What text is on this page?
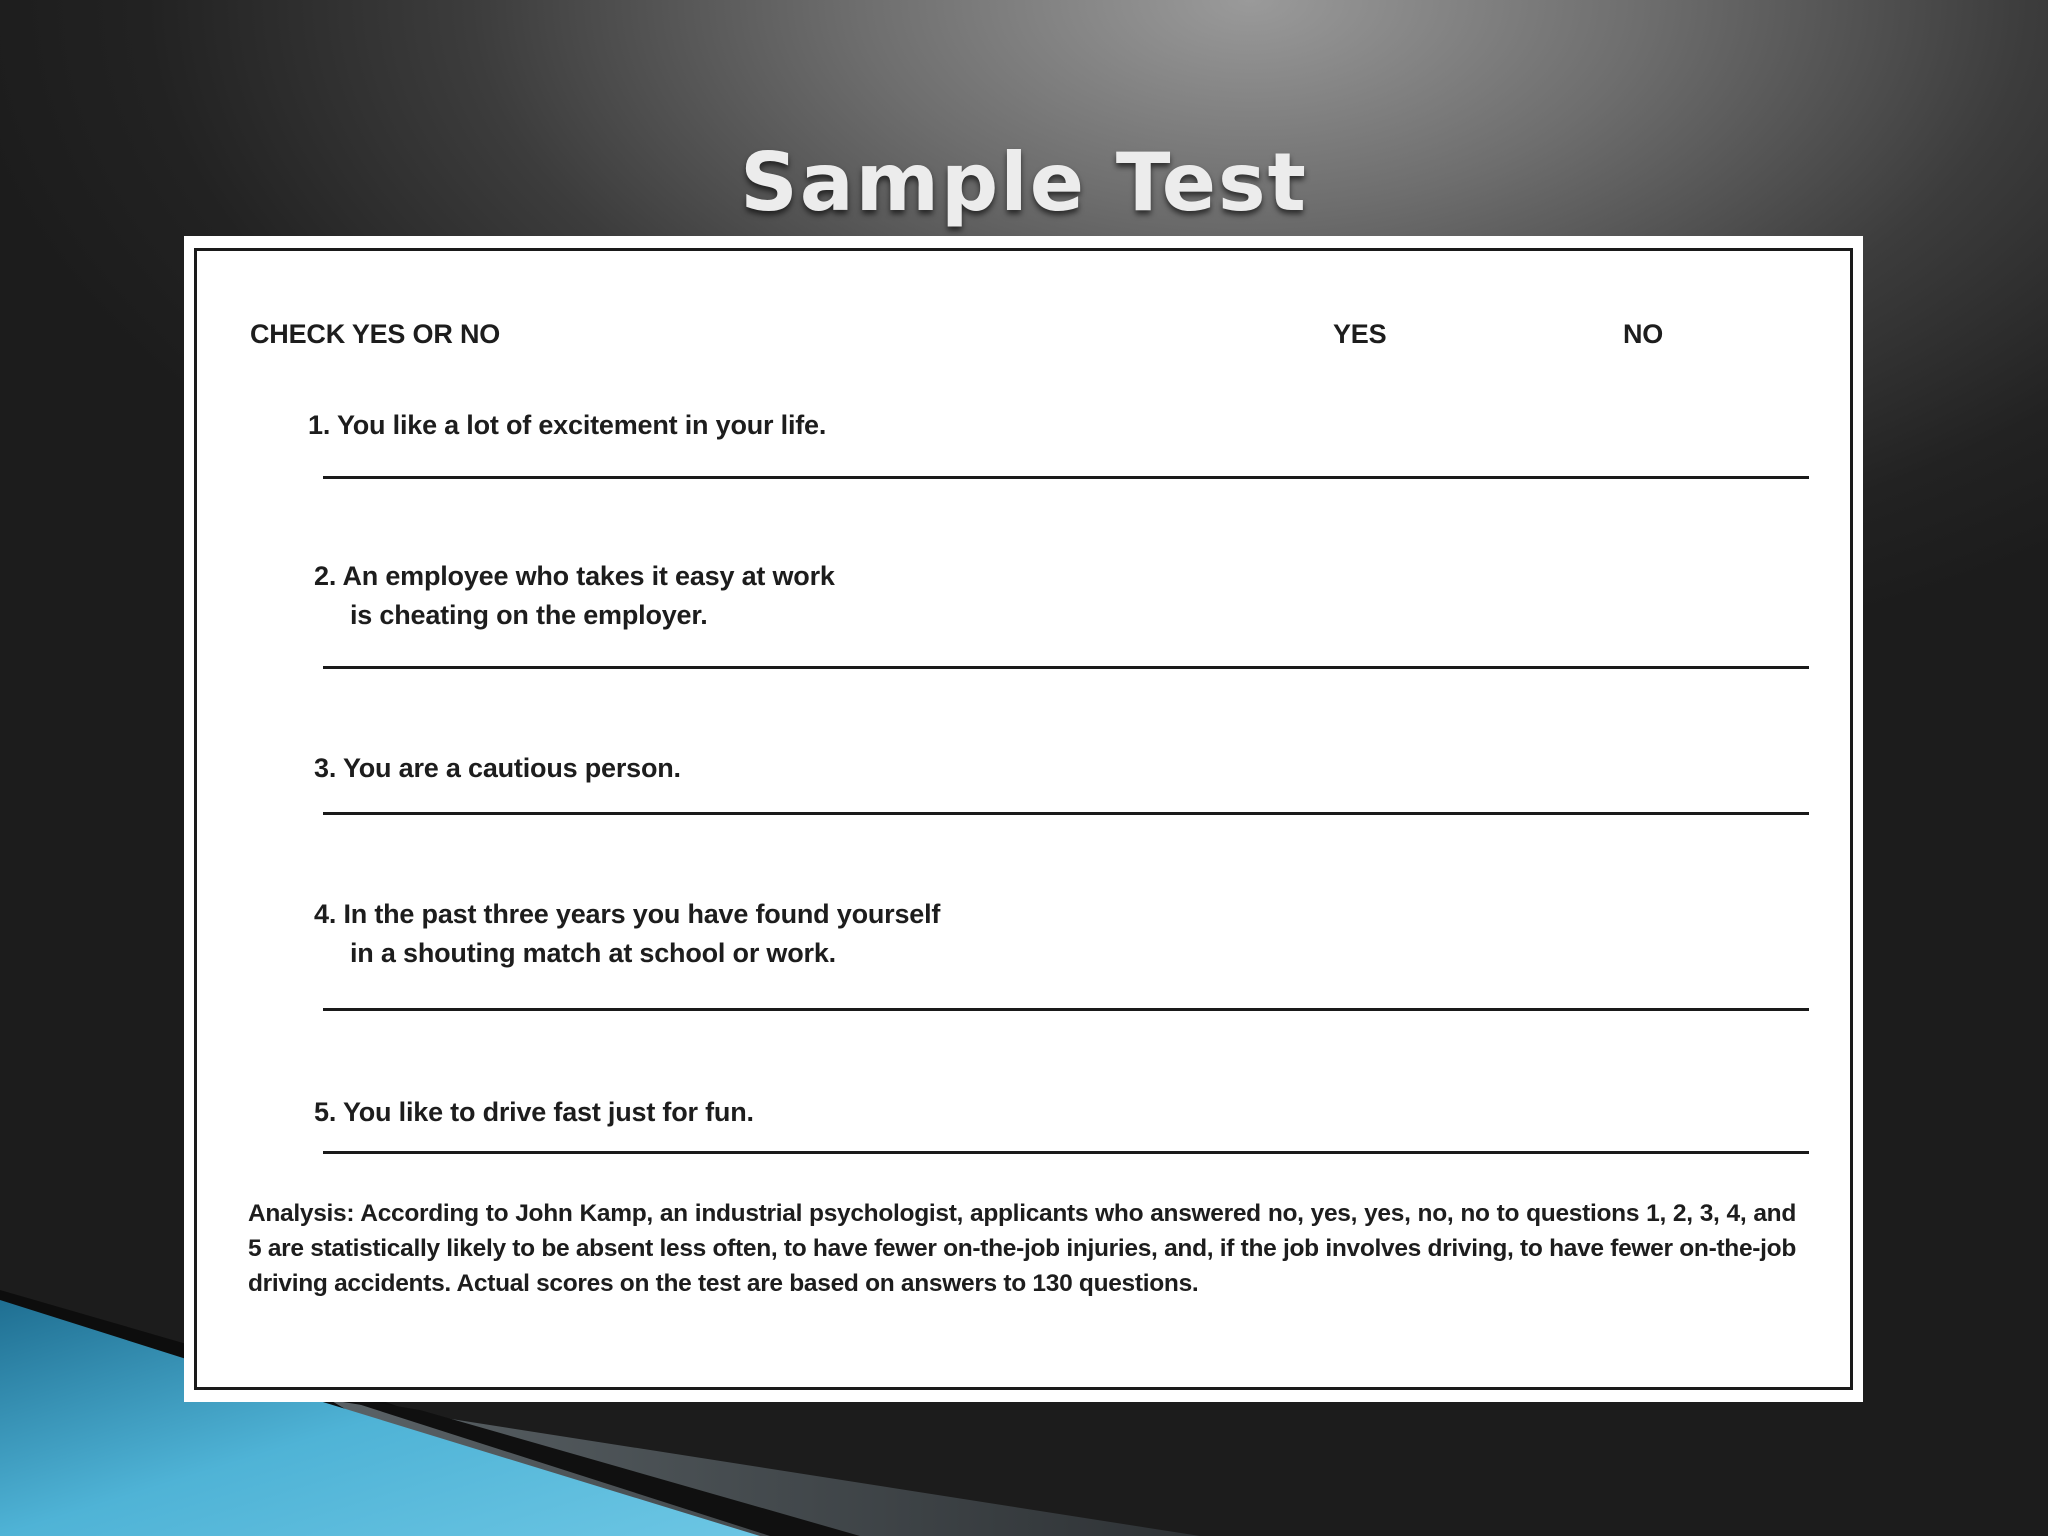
Sample Test

CHECK YES OR NO	YES	NO

1. You like a lot of excitement in your life.

2. An employee who takes it easy at work

is cheating on the employer.

3. You are a cautious person.

4. In the past three years you have found yourself

in a shouting match at school or work.

5. You like to drive fast just for fun.

Analysis: According to John Kamp, an industrial psychologist, applicants who answered no, yes, yes, no, no to questions 1, 2, 3, 4, and 5 are statistically likely to be absent less often, to have fewer on-the-job injuries, and, if the job involves driving, to have fewer on-the-job driving accidents. Actual scores on the test are based on answers to 130 questions.
